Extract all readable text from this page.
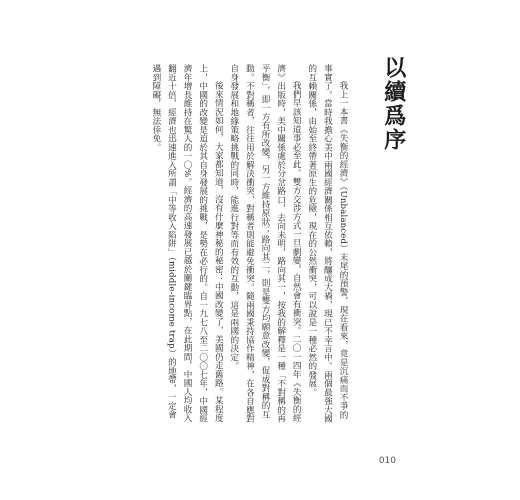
以續爲序

我上一本書《失衡的經濟》（Unbalanced）末尾的預警，現在看來，竟是沉痛而不爭的事實了。當時我擔心美中兩國經濟關係相互依賴，將釀成大禍，現已不幸言中。兩個最強大國的互賴關係，由始至終帶著原生的危險，現在的公然衝突，可以說是一種必然的發展。

我們早該知道事必至此。雙方交涉方式一旦劇變，自然會有衝突。二〇一四年《失衡的經濟》出版時，美中關係處於分岔路口，去向未明，路向其一，按我的解釋是一種「不對稱的再平衡」，即一方有所改變，另一方維持原狀；路向其二，則是雙方均願意改變，促成對稱的互動。不對稱者，往往用於解決衝突，對稱者則能避免衝突。隨兩國秉持協作精神，在各自應對自身發展和地緣策略挑戰的同時，能進行對等而有效的互動，這是兩國的決定。

後來情況如何，大家都知道，沒有什麼神秘的秘密：中國改變了，美國仍走舊路。某程度上，中國的改變是迫於其自身發展的挑戰，是勢在必行的。自一九七八至二〇〇七年，中國經濟年增長維持在驚人的一〇%。經濟的高速發展已越於關鍵臨界點，在此期間，中國人均收入翻近十倍，經濟也迅速進入所謂「中等收入陷阱」（middle-income trap）的地帶，一定會遇到障礙，無法倖免。

010
